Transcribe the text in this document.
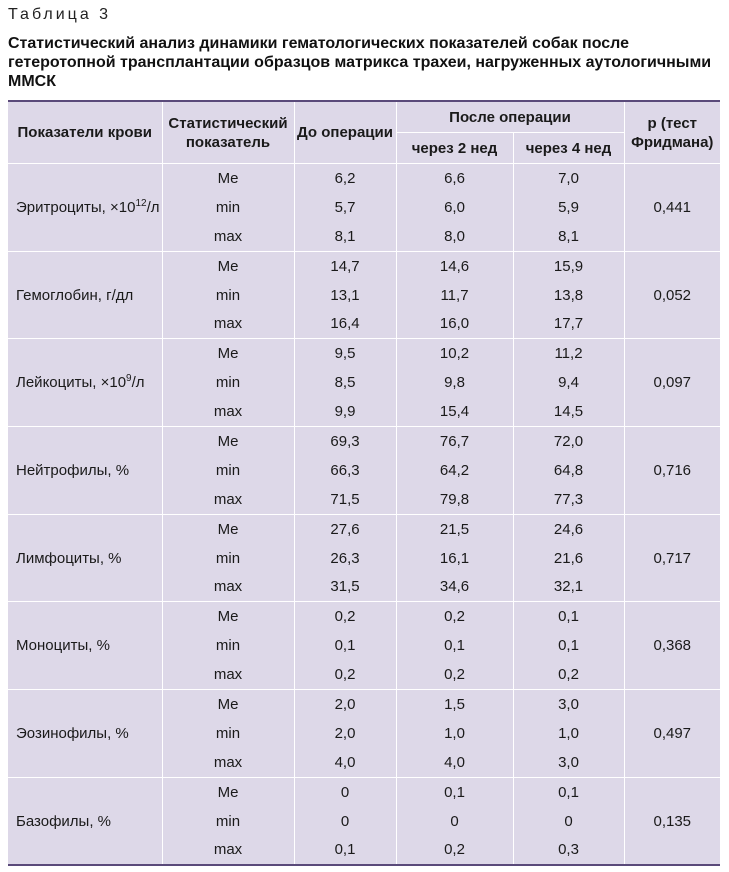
Таблица 3
Статистический анализ динамики гематологических показателей собак после гетеротопной трансплантации образцов матрикса трахеи, нагруженных аутологичными ММСК
Показатели крови	Статистический показатель	До операции	После операции		p (тест Фридмана)
			через 2 нед	через 4 нед	
Эритроциты, $\times 10^{12}/л$	Me	6,2	6,6	7,0	0,441
	min	5,7	6,0	5,9	
	max	8,1	8,0	8,1	
Гемоглобин, г/дл	Me	14,7	14,6	15,9	0,052
	min	13,1	11,7	13,8	
	max	16,4	16,0	17,7	
Лейкоциты, $\times 10^9/л$	Me	9,5	10,2	11,2	0,097
	min	8,5	9,8	9,4	
	max	9,9	15,4	14,5	
Нейтрофилы, %	Me	69,3	76,7	72,0	0,716
	min	66,3	64,2	64,8	
	max	71,5	79,8	77,3	
Лимфоциты, %	Me	27,6	21,5	24,6	0,717
	min	26,3	16,1	21,6	
	max	31,5	34,6	32,1	
Моноциты, %	Me	0,2	0,2	0,1	0,368
	min	0,1	0,1	0,1	
	max	0,2	0,2	0,2	
Эозинофилы, %	Me	2,0	1,5	3,0	0,497
	min	2,0	1,0	1,0	
	max	4,0	4,0	3,0	
Базофилы, %	Me	0	0,1	0,1	0,135
	min	0	0	0	
	max	0,1	0,2	0,3	
